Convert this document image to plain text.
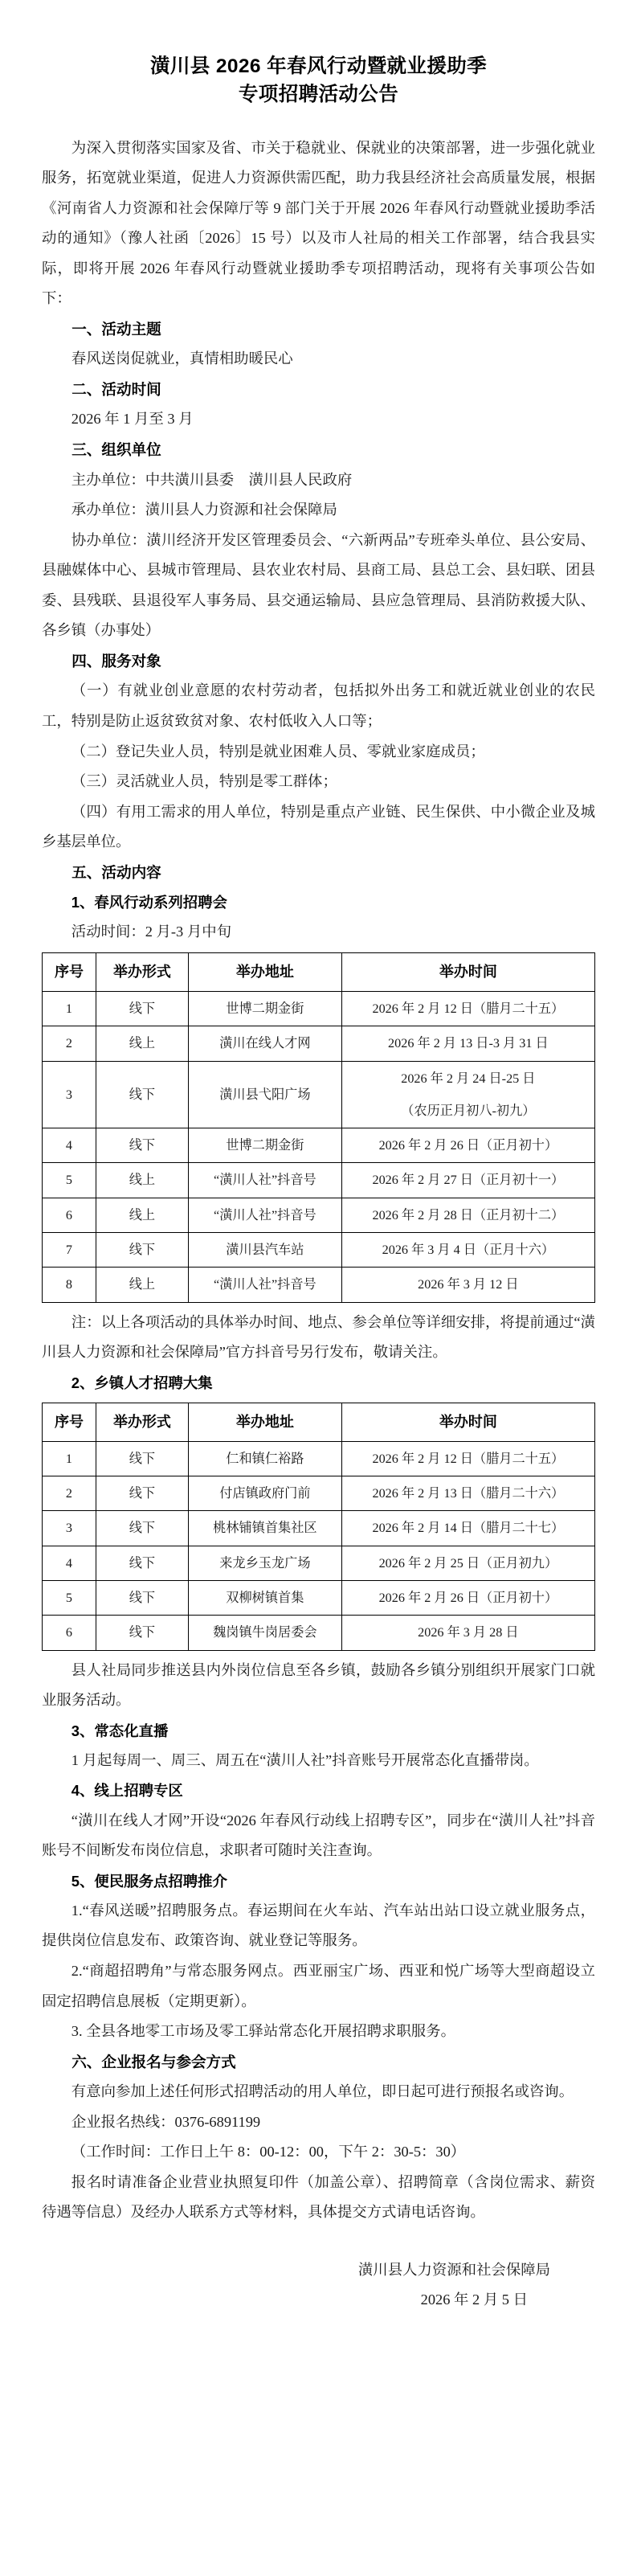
潢川县 2026 年春风行动暨就业援助季
专项招聘活动公告

为深入贯彻落实国家及省、市关于稳就业、保就业的决策部署，进一步强化就业服务，拓宽就业渠道，促进人力资源供需匹配，助力我县经济社会高质量发展，根据《河南省人力资源和社会保障厅等 9 部门关于开展 2026 年春风行动暨就业援助季活动的通知》（豫人社函〔2026〕15 号）以及市人社局的相关工作部署，结合我县实际，即将开展 2026 年春风行动暨就业援助季专项招聘活动，现将有关事项公告如下：

一、活动主题

春风送岗促就业，真情相助暖民心

二、活动时间

2026 年 1 月至 3 月

三、组织单位

主办单位：中共潢川县委　潢川县人民政府

承办单位：潢川县人力资源和社会保障局

协办单位：潢川经济开发区管理委员会、“六新两品”专班牵头单位、县公安局、县融媒体中心、县城市管理局、县农业农村局、县商工局、县总工会、县妇联、团县委、县残联、县退役军人事务局、县交通运输局、县应急管理局、县消防救援大队、各乡镇（办事处）

四、服务对象

（一）有就业创业意愿的农村劳动者，包括拟外出务工和就近就业创业的农民工，特别是防止返贫致贫对象、农村低收入人口等；

（二）登记失业人员，特别是就业困难人员、零就业家庭成员；

（三）灵活就业人员，特别是零工群体；

（四）有用工需求的用人单位，特别是重点产业链、民生保供、中小微企业及城乡基层单位。

五、活动内容
1、春风行动系列招聘会

活动时间：2 月-3 月中旬

序号	举办形式	举办地址	举办时间
1	线下	世博二期金街	2026 年 2 月 12 日（腊月二十五）
2	线上	潢川在线人才网	2026 年 2 月 13 日-3 月 31 日
3	线下	潢川县弋阳广场	2026 年 2 月 24 日-25 日
（农历正月初八-初九）

4	线下	世博二期金街	2026 年 2 月 26 日（正月初十）
5	线上	“潢川人社”抖音号	2026 年 2 月 27 日（正月初十一）
6	线上	“潢川人社”抖音号	2026 年 2 月 28 日（正月初十二）
7	线下	潢川县汽车站	2026 年 3 月 4 日（正月十六）
8	线上	“潢川人社”抖音号	2026 年 3 月 12 日

注：以上各项活动的具体举办时间、地点、参会单位等详细安排，将提前通过“潢川县人力资源和社会保障局”官方抖音号另行发布，敬请关注。

2、乡镇人才招聘大集
序号	举办形式	举办地址	举办时间
1	线下	仁和镇仁裕路	2026 年 2 月 12 日（腊月二十五）
2	线下	付店镇政府门前	2026 年 2 月 13 日（腊月二十六）
3	线下	桃林铺镇首集社区	2026 年 2 月 14 日（腊月二十七）
4	线下	来龙乡玉龙广场	2026 年 2 月 25 日（正月初九）
5	线下	双柳树镇首集	2026 年 2 月 26 日（正月初十）
6	线下	魏岗镇牛岗居委会	2026 年 3 月 28 日

县人社局同步推送县内外岗位信息至各乡镇，鼓励各乡镇分别组织开展家门口就业服务活动。

3、常态化直播

1 月起每周一、周三、周五在“潢川人社”抖音账号开展常态化直播带岗。

4、线上招聘专区

“潢川在线人才网”开设“2026 年春风行动线上招聘专区”，同步在“潢川人社”抖音账号不间断发布岗位信息，求职者可随时关注查询。

5、便民服务点招聘推介

1.“春风送暖”招聘服务点。春运期间在火车站、汽车站出站口设立就业服务点，提供岗位信息发布、政策咨询、就业登记等服务。

2.“商超招聘角”与常态服务网点。西亚丽宝广场、西亚和悦广场等大型商超设立固定招聘信息展板（定期更新）。

3. 全县各地零工市场及零工驿站常态化开展招聘求职服务。

六、企业报名与参会方式

有意向参加上述任何形式招聘活动的用人单位，即日起可进行预报名或咨询。

企业报名热线：0376-6891199

（工作时间：工作日上午 8：00-12：00，下午 2：30-5：30）

报名时请准备企业营业执照复印件（加盖公章）、招聘简章（含岗位需求、薪资待遇等信息）及经办人联系方式等材料，具体提交方式请电话咨询。

潢川县人力资源和社会保障局
2026 年 2 月 5 日
